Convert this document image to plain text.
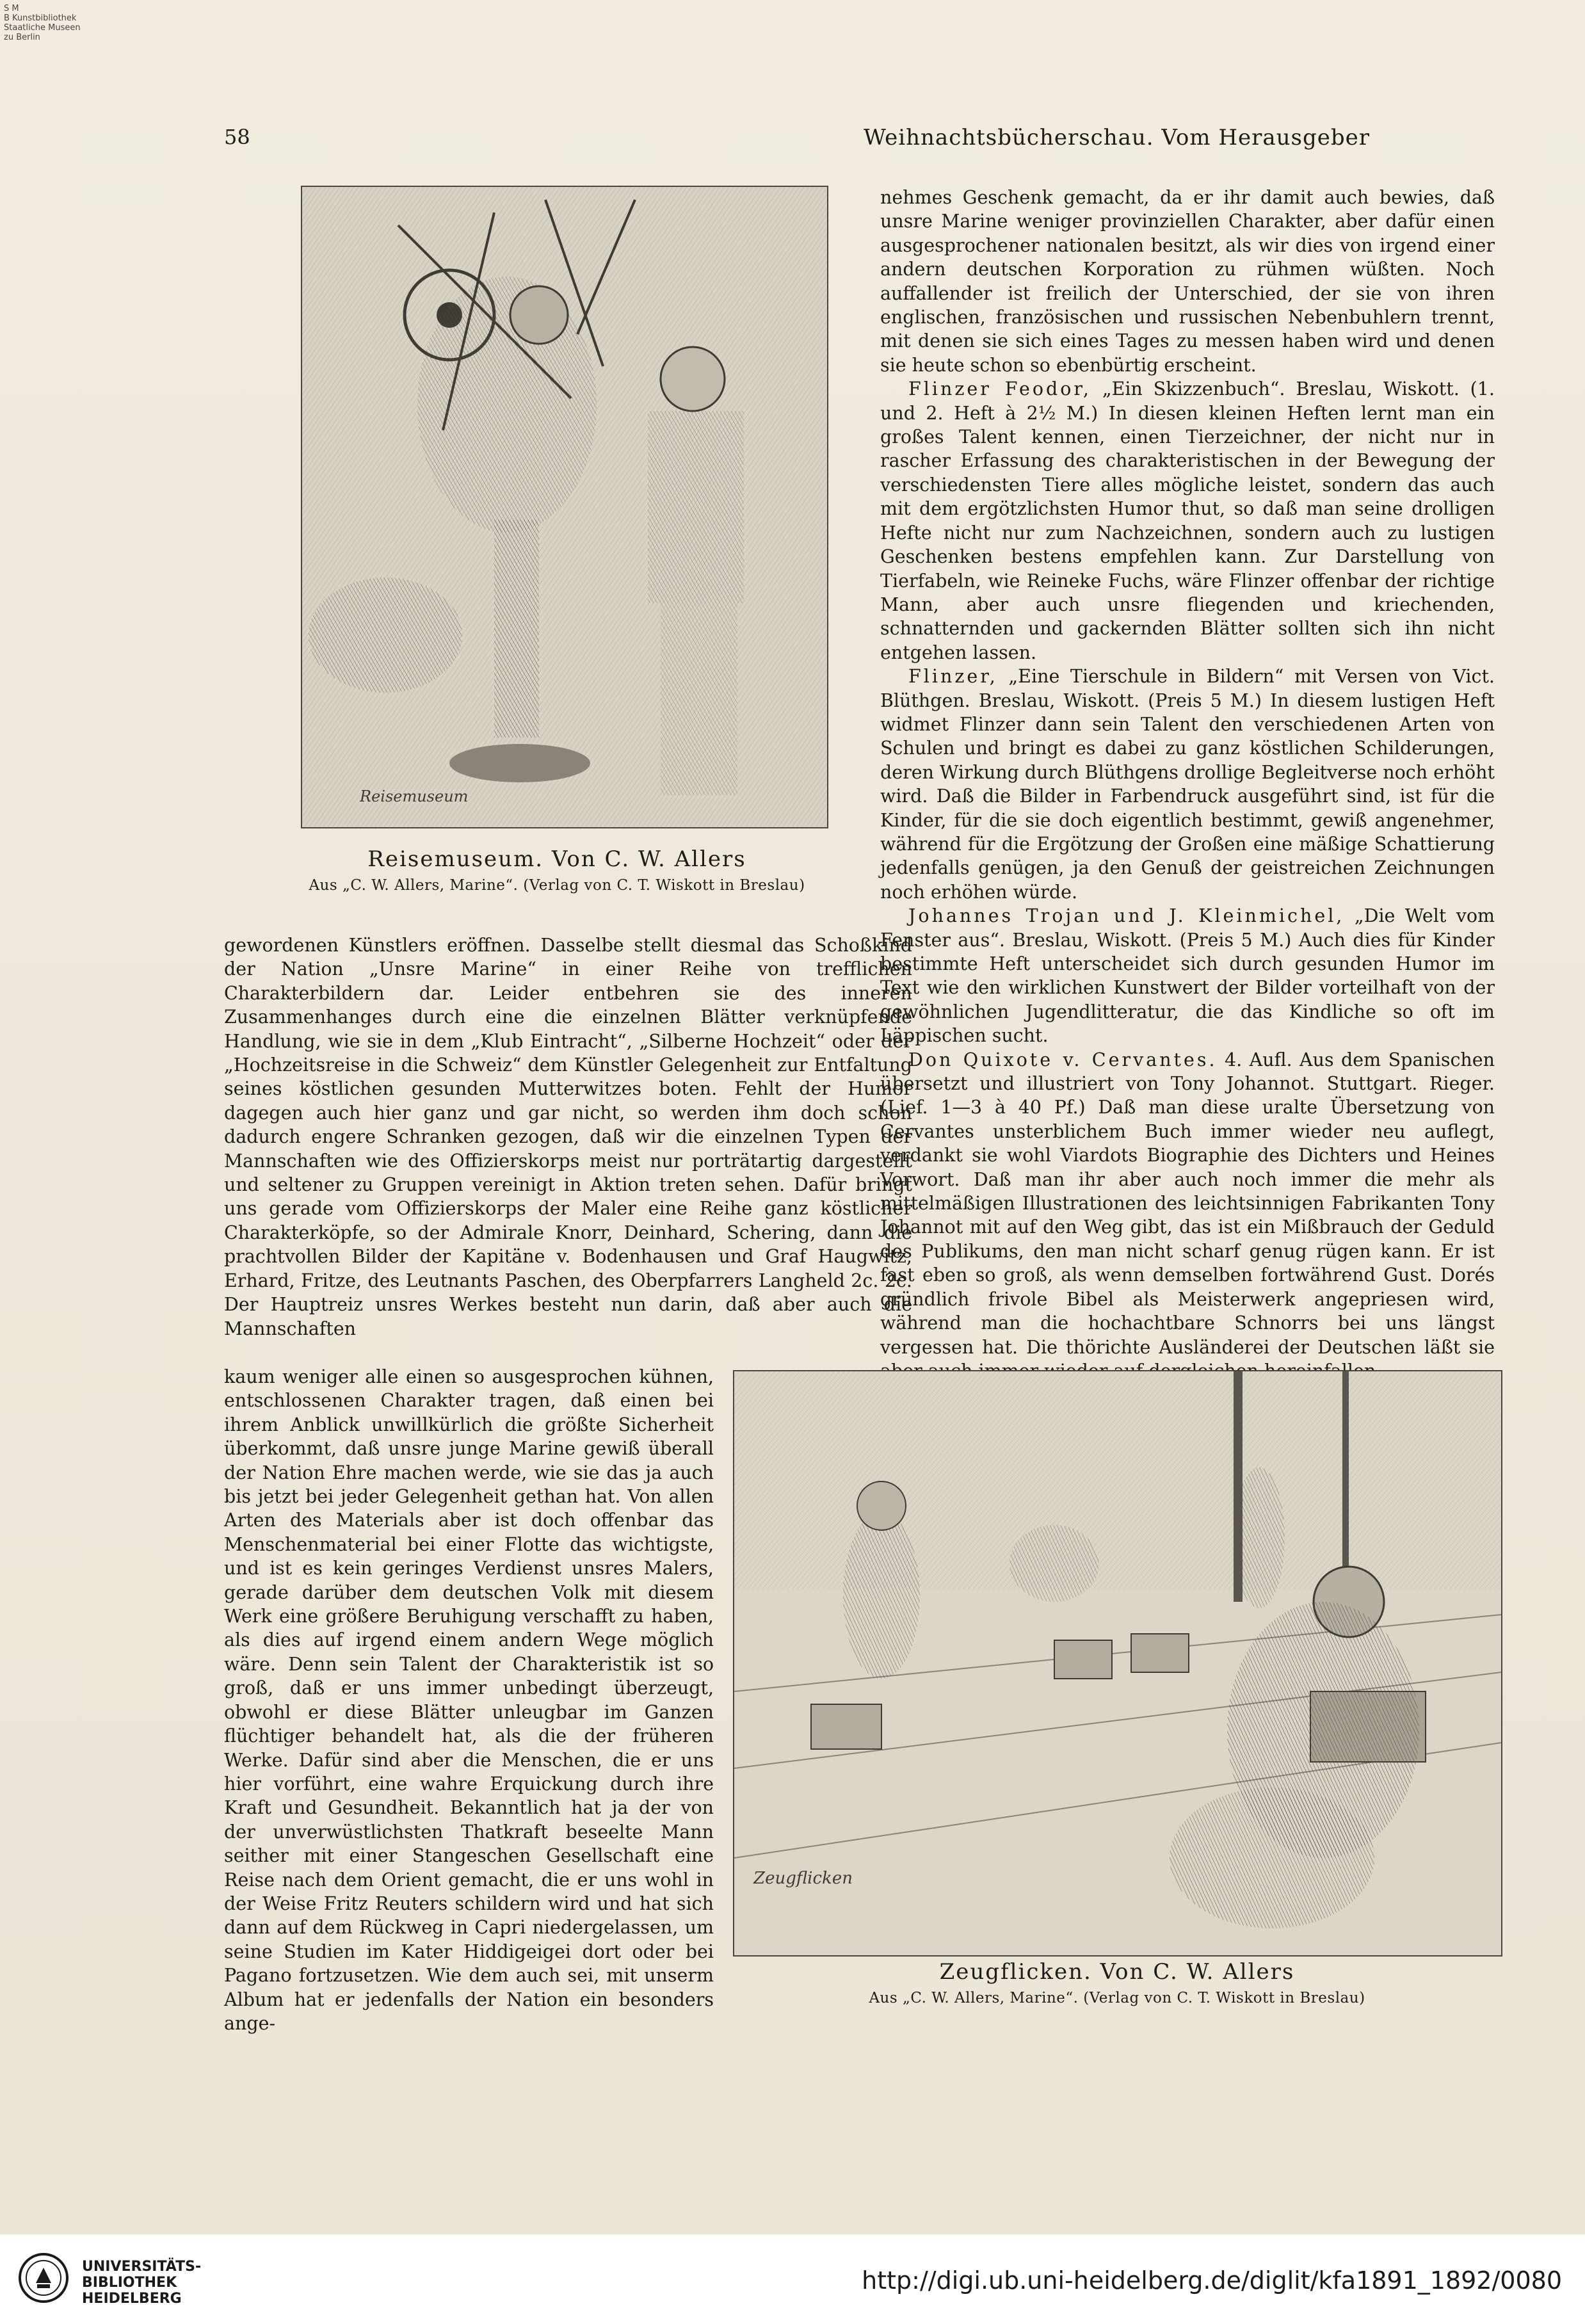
S M
B Kunstbibliothek
Staatliche Museen
zu Berlin
58	Weihnachtsbücherschau. Vom Herausgeber
Reisemuseum
Reisemuseum. Von C. W. Allers
Aus „C. W. Allers, Marine“. (Verlag von C. T. Wiskott in Breslau)

gewordenen Künstlers eröffnen. Dasselbe stellt diesmal das Schoßkind der Nation „Unsre Marine“ in einer Reihe von trefflichen Charakterbildern dar. Leider entbehren sie des inneren Zusammenhanges durch eine die einzelnen Blätter verknüpfende Handlung, wie sie in dem „Klub Eintracht“, „Silberne Hochzeit“ oder der „Hochzeitsreise in die Schweiz“ dem Künstler Gelegenheit zur Entfaltung seines köstlichen gesunden Mutterwitzes boten. Fehlt der Humor dagegen auch hier ganz und gar nicht, so werden ihm doch schon dadurch engere Schranken gezogen, daß wir die einzelnen Typen der Mannschaften wie des Offizierskorps meist nur porträtartig dargestellt und seltener zu Gruppen vereinigt in Aktion treten sehen. Dafür bringt uns gerade vom Offizierskorps der Maler eine Reihe ganz köstlicher Charakterköpfe, so der Admirale Knorr, Deinhard, Schering, dann die prachtvollen Bilder der Kapitäne v. Bodenhausen und Graf Haugwitz, Erhard, Fritze, des Leutnants Paschen, des Oberpfarrers Langheld 2c. 2c. Der Hauptreiz unsres Werkes besteht nun darin, daß aber auch die Mannschaften

kaum weniger alle einen so ausgesprochen kühnen, entschlossenen Charakter tragen, daß einen bei ihrem Anblick unwillkürlich die größte Sicherheit überkommt, daß unsre junge Marine gewiß überall der Nation Ehre machen werde, wie sie das ja auch bis jetzt bei jeder Gelegenheit gethan hat. Von allen Arten des Materials aber ist doch offenbar das Menschenmaterial bei einer Flotte das wichtigste, und ist es kein geringes Verdienst unsres Malers, gerade darüber dem deutschen Volk mit diesem Werk eine größere Beruhigung verschafft zu haben, als dies auf irgend einem andern Wege möglich wäre. Denn sein Talent der Charakteristik ist so groß, daß er uns immer unbedingt überzeugt, obwohl er diese Blätter unleugbar im Ganzen flüchtiger behandelt hat, als die der früheren Werke. Dafür sind aber die Menschen, die er uns hier vorführt, eine wahre Erquickung durch ihre Kraft und Gesundheit. Bekanntlich hat ja der von der unverwüstlichsten Thatkraft beseelte Mann seither mit einer Stangeschen Gesellschaft eine Reise nach dem Orient gemacht, die er uns wohl in der Weise Fritz Reuters schildern wird und hat sich dann auf dem Rückweg in Capri niedergelassen, um seine Studien im Kater Hiddigeigei dort oder bei Pagano fortzusetzen. Wie dem auch sei, mit unserm Album hat er jedenfalls der Nation ein besonders ange-

nehmes Geschenk gemacht, da er ihr damit auch bewies, daß unsre Marine weniger provinziellen Charakter, aber dafür einen ausgesprochener nationalen besitzt, als wir dies von irgend einer andern deutschen Korporation zu rühmen wüßten. Noch auffallender ist freilich der Unterschied, der sie von ihren englischen, französischen und russischen Nebenbuhlern trennt, mit denen sie sich eines Tages zu messen haben wird und denen sie heute schon so ebenbürtig erscheint.

Flinzer Feodor, „Ein Skizzenbuch“. Breslau, Wiskott. (1. und 2. Heft à 2½ M.) In diesen kleinen Heften lernt man ein großes Talent kennen, einen Tierzeichner, der nicht nur in rascher Erfassung des charakteristischen in der Bewegung der verschiedensten Tiere alles mögliche leistet, sondern das auch mit dem ergötzlichsten Humor thut, so daß man seine drolligen Hefte nicht nur zum Nachzeichnen, sondern auch zu lustigen Geschenken bestens empfehlen kann. Zur Darstellung von Tierfabeln, wie Reineke Fuchs, wäre Flinzer offenbar der richtige Mann, aber auch unsre fliegenden und kriechenden, schnatternden und gackernden Blätter sollten sich ihn nicht entgehen lassen.

Flinzer, „Eine Tierschule in Bildern“ mit Versen von Vict. Blüthgen. Breslau, Wiskott. (Preis 5 M.) In diesem lustigen Heft widmet Flinzer dann sein Talent den verschiedenen Arten von Schulen und bringt es dabei zu ganz köstlichen Schilderungen, deren Wirkung durch Blüthgens drollige Begleitverse noch erhöht wird. Daß die Bilder in Farbendruck ausgeführt sind, ist für die Kinder, für die sie doch eigentlich bestimmt, gewiß angenehmer, während für die Ergötzung der Großen eine mäßige Schattierung jedenfalls genügen, ja den Genuß der geistreichen Zeichnungen noch erhöhen würde.

Johannes Trojan und J. Kleinmichel, „Die Welt vom Fenster aus“. Breslau, Wiskott. (Preis 5 M.) Auch dies für Kinder bestimmte Heft unterscheidet sich durch gesunden Humor im Text wie den wirklichen Kunstwert der Bilder vorteilhaft von der gewöhnlichen Jugendlitteratur, die das Kindliche so oft im Läppischen sucht.

Don Quixote v. Cervantes. 4. Aufl. Aus dem Spanischen übersetzt und illustriert von Tony Johannot. Stuttgart. Rieger. (Lief. 1—3 à 40 Pf.) Daß man diese uralte Übersetzung von Cervantes unsterblichem Buch immer wieder neu auflegt, verdankt sie wohl Viardots Biographie des Dichters und Heines Vorwort. Daß man ihr aber auch noch immer die mehr als mittelmäßigen Illustrationen des leichtsinnigen Fabrikanten Tony Johannot mit auf den Weg gibt, das ist ein Mißbrauch der Geduld des Publikums, den man nicht scharf genug rügen kann. Er ist fast eben so groß, als wenn demselben fortwährend Gust. Dorés gründlich frivole Bibel als Meisterwerk angepriesen wird, während man die hochachtbare Schnorrs bei uns längst vergessen hat. Die thörichte Ausländerei der Deutschen läßt sie

Zeugflicken
Zeugflicken. Von C. W. Allers
Aus „C. W. Allers, Marine“. (Verlag von C. T. Wiskott in Breslau)
UNIVERSITÄTS-
BIBLIOTHEK
HEIDELBERG
http://digi.ub.uni-heidelberg.de/diglit/kfa1891_1892/0080
